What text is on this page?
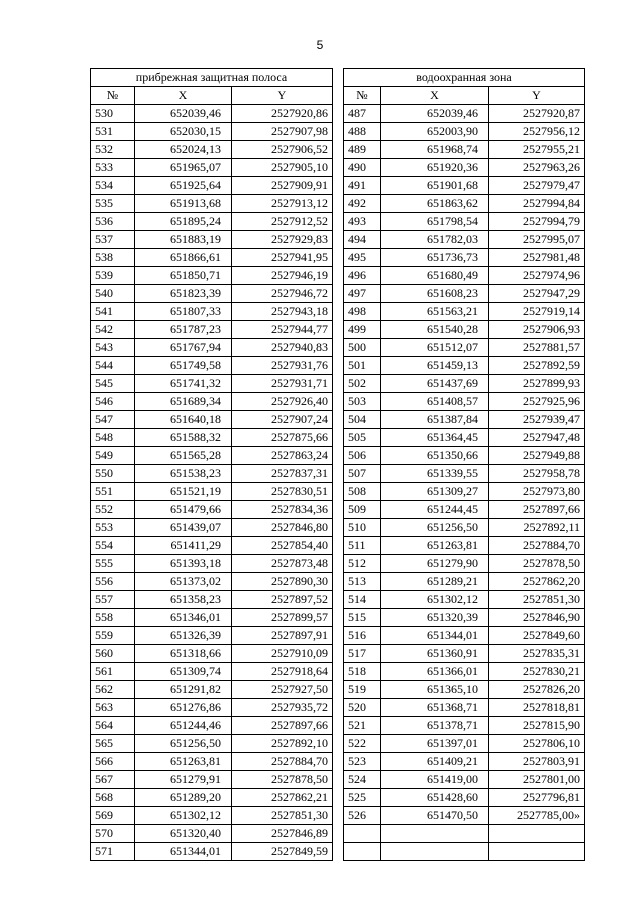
5
прибрежная защитная полоса		
№	X	Y
530	652039,46	2527920,86
531	652030,15	2527907,98
532	652024,13	2527906,52
533	651965,07	2527905,10
534	651925,64	2527909,91
535	651913,68	2527913,12
536	651895,24	2527912,52
537	651883,19	2527929,83
538	651866,61	2527941,95
539	651850,71	2527946,19
540	651823,39	2527946,72
541	651807,33	2527943,18
542	651787,23	2527944,77
543	651767,94	2527940,83
544	651749,58	2527931,76
545	651741,32	2527931,71
546	651689,34	2527926,40
547	651640,18	2527907,24
548	651588,32	2527875,66
549	651565,28	2527863,24
550	651538,23	2527837,31
551	651521,19	2527830,51
552	651479,66	2527834,36
553	651439,07	2527846,80
554	651411,29	2527854,40
555	651393,18	2527873,48
556	651373,02	2527890,30
557	651358,23	2527897,52
558	651346,01	2527899,57
559	651326,39	2527897,91
560	651318,66	2527910,09
561	651309,74	2527918,64
562	651291,82	2527927,50
563	651276,86	2527935,72
564	651244,46	2527897,66
565	651256,50	2527892,10
566	651263,81	2527884,70
567	651279,91	2527878,50
568	651289,20	2527862,21
569	651302,12	2527851,30
570	651320,40	2527846,89
571	651344,01	2527849,59
водоохранная зона		
№	X	Y
487	652039,46	2527920,87
488	652003,90	2527956,12
489	651968,74	2527955,21
490	651920,36	2527963,26
491	651901,68	2527979,47
492	651863,62	2527994,84
493	651798,54	2527994,79
494	651782,03	2527995,07
495	651736,73	2527981,48
496	651680,49	2527974,96
497	651608,23	2527947,29
498	651563,21	2527919,14
499	651540,28	2527906,93
500	651512,07	2527881,57
501	651459,13	2527892,59
502	651437,69	2527899,93
503	651408,57	2527925,96
504	651387,84	2527939,47
505	651364,45	2527947,48
506	651350,66	2527949,88
507	651339,55	2527958,78
508	651309,27	2527973,80
509	651244,45	2527897,66
510	651256,50	2527892,11
511	651263,81	2527884,70
512	651279,90	2527878,50
513	651289,21	2527862,20
514	651302,12	2527851,30
515	651320,39	2527846,90
516	651344,01	2527849,60
517	651360,91	2527835,31
518	651366,01	2527830,21
519	651365,10	2527826,20
520	651368,71	2527818,81
521	651378,71	2527815,90
522	651397,01	2527806,10
523	651409,21	2527803,91
524	651419,00	2527801,00
525	651428,60	2527796,81
526	651470,50	2527785,00»
